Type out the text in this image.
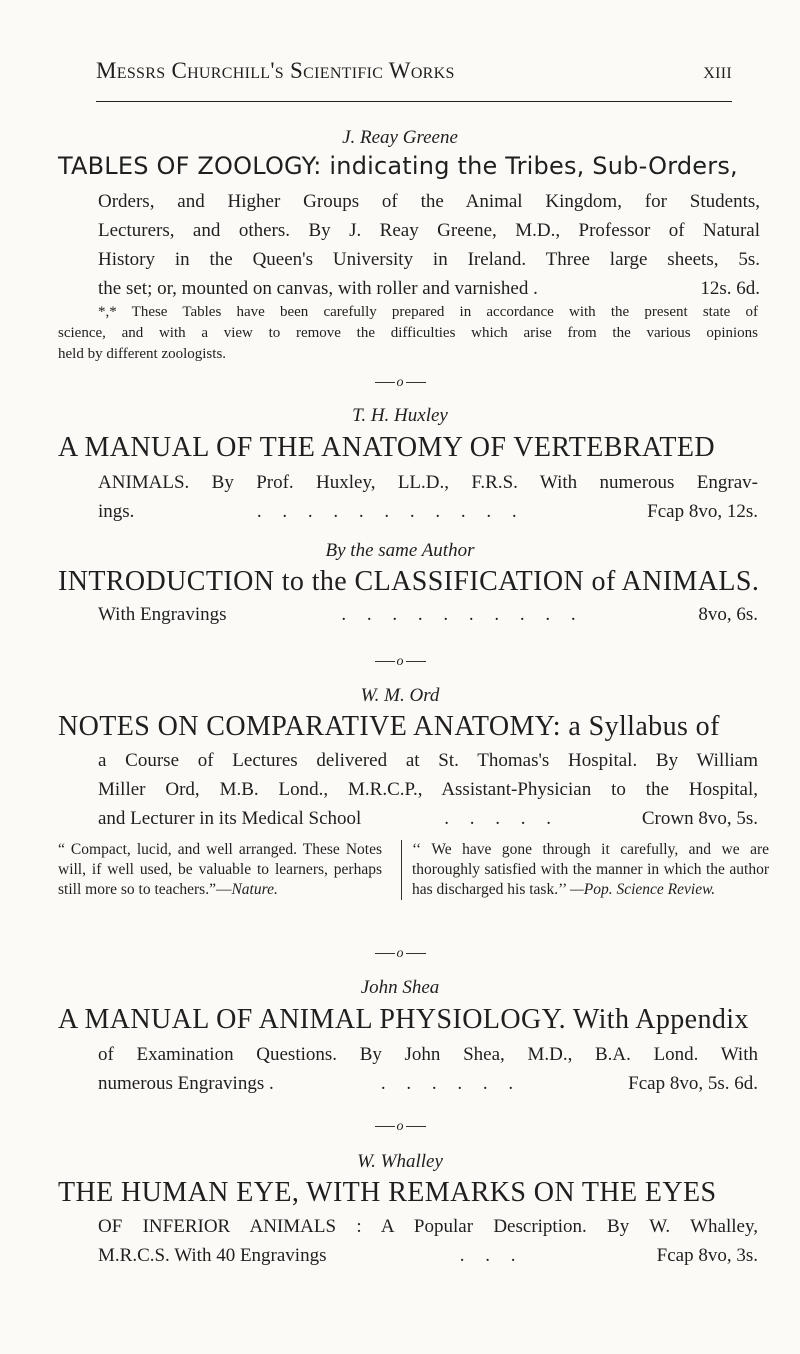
Messrs Churchill's Scientific Works	xiii
J. Reay Greene
TABLES OF ZOOLOGY: indicating the Tribes, Sub-Orders,
Orders, and Higher Groups of the Animal Kingdom, for Students,
Lecturers, and others. By J. Reay Greene, M.D., Professor of Natural
History in the Queen's University in Ireland. Three large sheets, 5s.
the set; or, mounted on canvas, with roller and varnished .	12s. 6d.
*,* These Tables have been carefully prepared in accordance with the present state of
science, and with a view to remove the difficulties which arise from the various opinions
held by different zoologists.
o
T. H. Huxley
A MANUAL OF THE ANATOMY OF VERTEBRATED
ANIMALS. By Prof. Huxley, LL.D., F.R.S. With numerous Engrav-
ings.	. . . . . . . . . . .	Fcap 8vo, 12s.
By the same Author
INTRODUCTION to the CLASSIFICATION of ANIMALS.
With Engravings	. . . . . . . . . .	8vo, 6s.
o
W. M. Ord
NOTES ON COMPARATIVE ANATOMY: a Syllabus of
a Course of Lectures delivered at St. Thomas's Hospital. By William
Miller Ord, M.B. Lond., M.R.C.P., Assistant-Physician to the Hospital,
and Lecturer in its Medical School	. . . . .	Crown 8vo, 5s.
“ Compact, lucid, and well arranged. These Notes will, if well used, be valuable to learners, perhaps still more so to teachers.”—Nature.
‘‘ We have gone through it carefully, and we are thoroughly satisfied with the manner in which the author has discharged his task.’’ —Pop. Science Review.
o
John Shea
A MANUAL OF ANIMAL PHYSIOLOGY. With Appendix
of Examination Questions. By John Shea, M.D., B.A. Lond. With
numerous Engravings .	. . . . . .	Fcap 8vo, 5s. 6d.
o
W. Whalley
THE HUMAN EYE, WITH REMARKS ON THE EYES
OF INFERIOR ANIMALS : A Popular Description. By W. Whalley,
M.R.C.S. With 40 Engravings	. . .	Fcap 8vo, 3s.
